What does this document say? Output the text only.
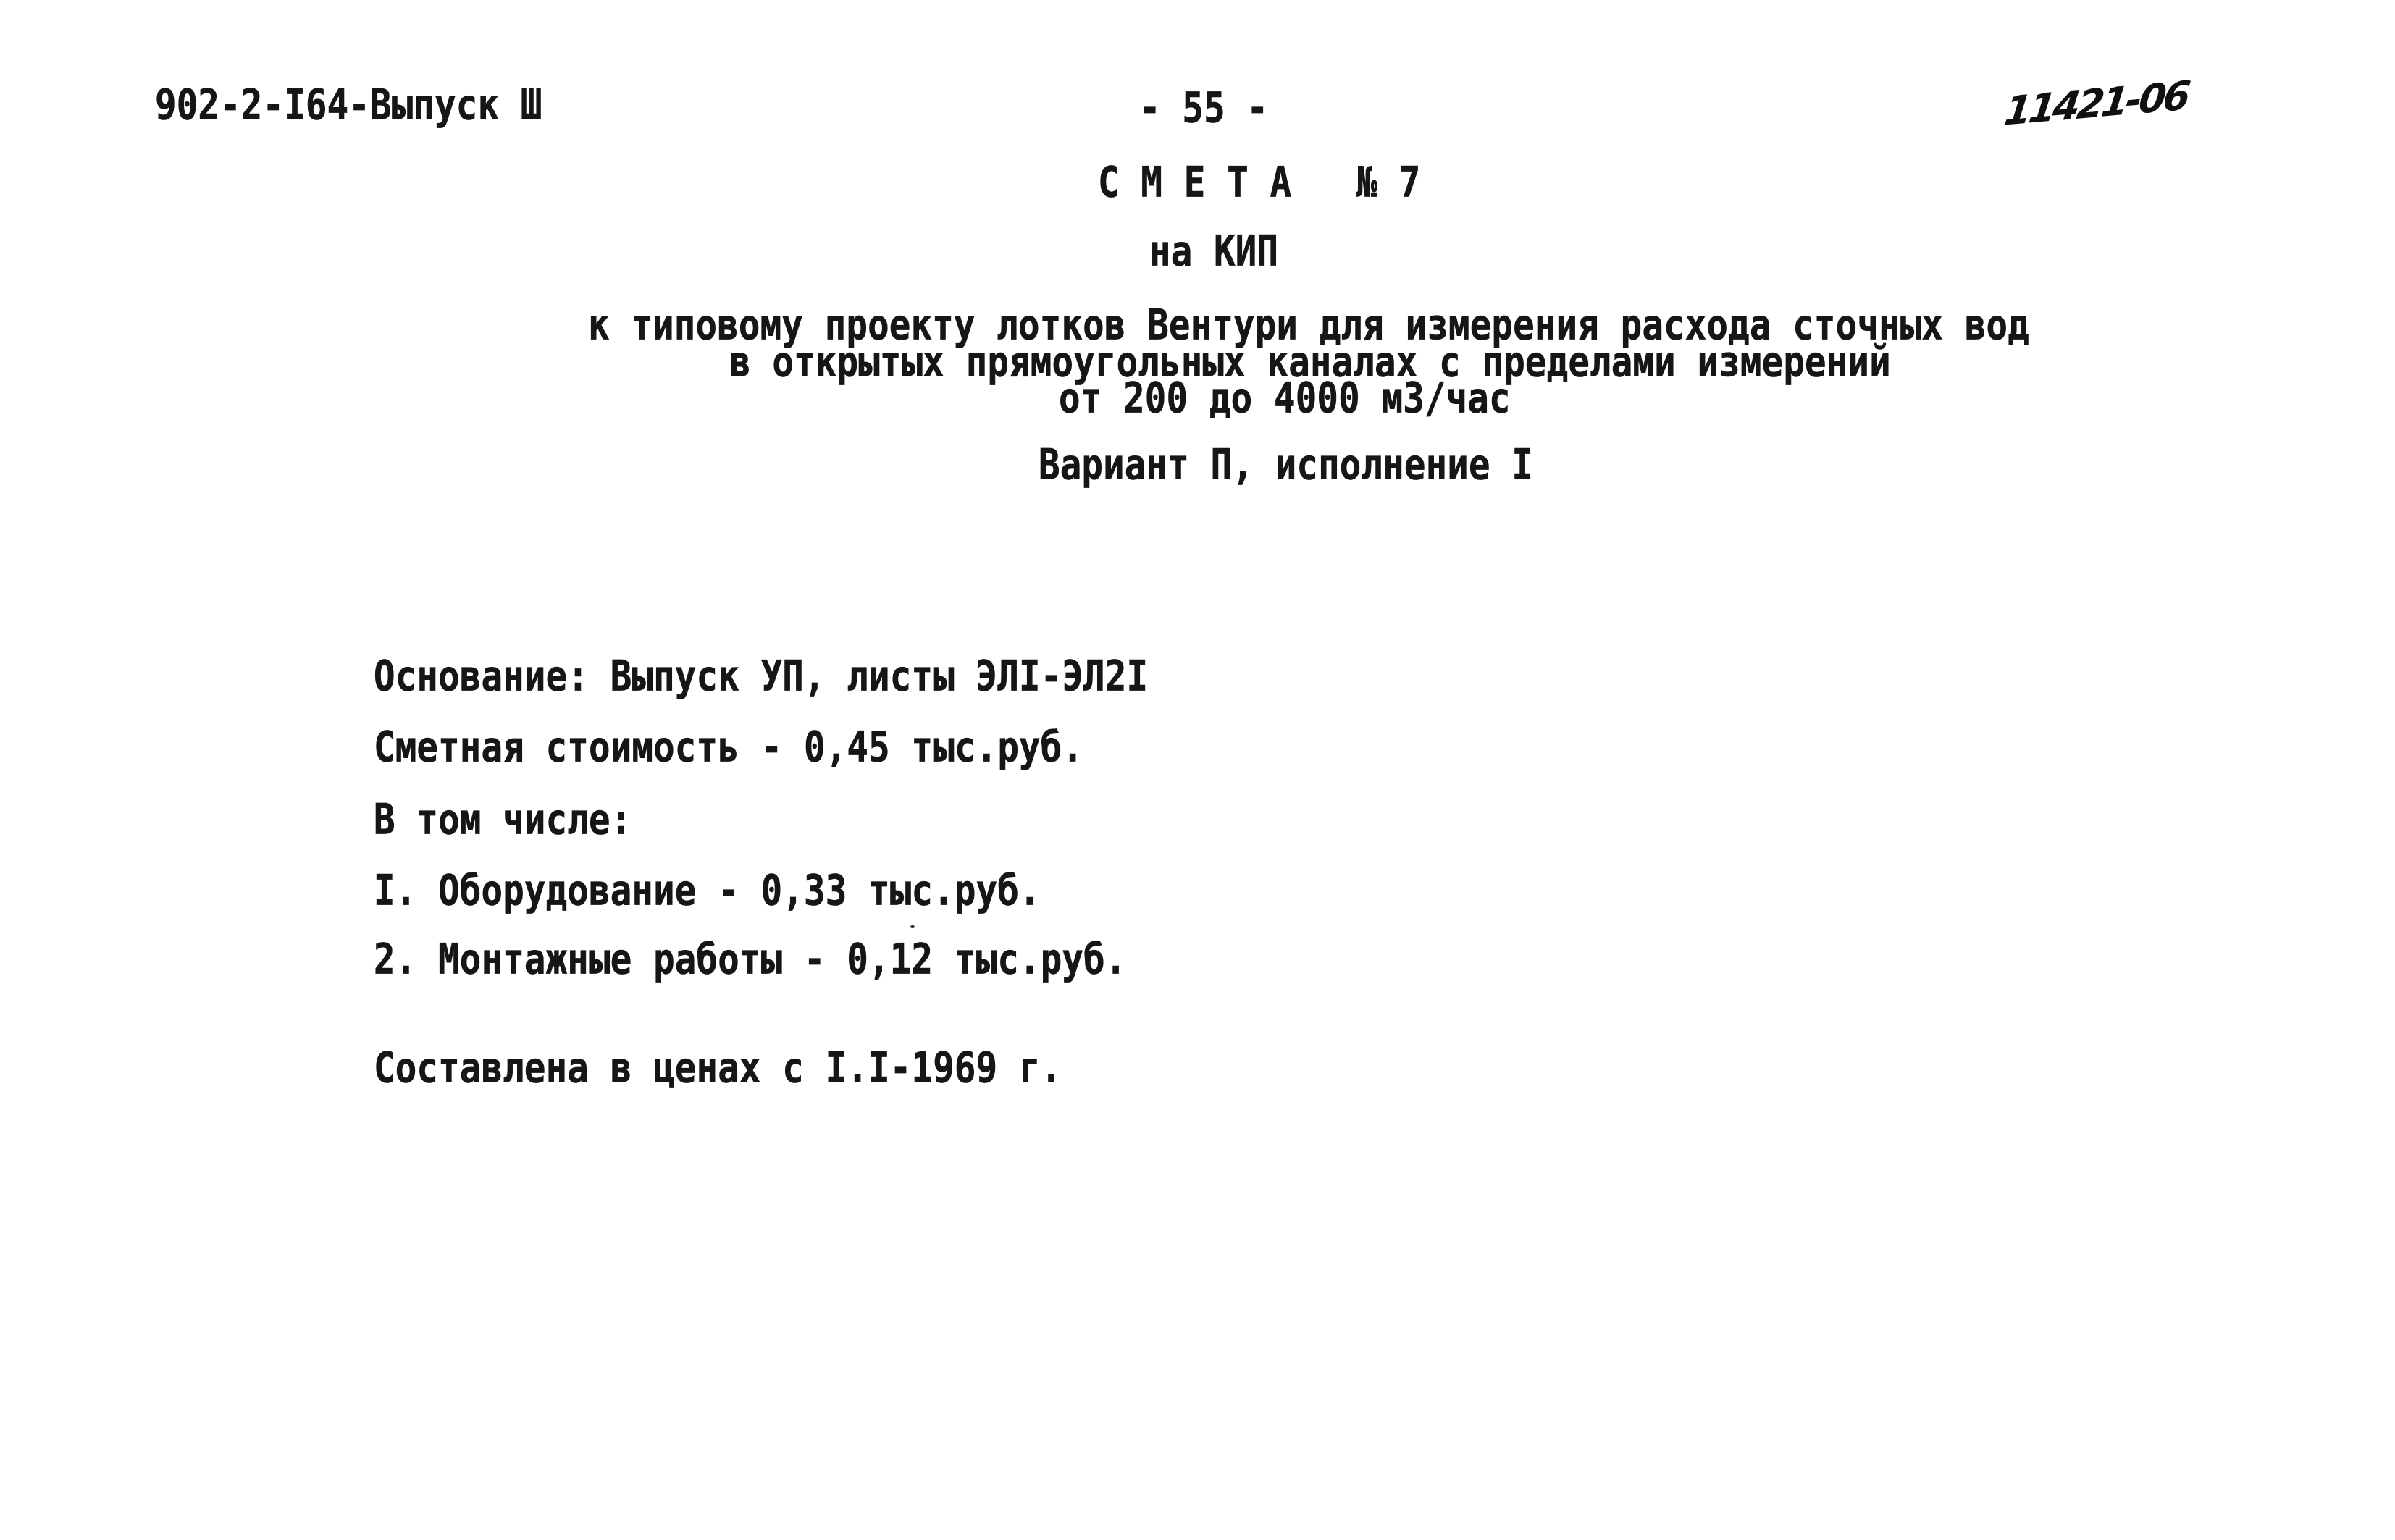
902-2-I64-Выпуск Ш	- 55 -	11421-06
С М Е Т А   № 7
на КИП
к типовому проекту лотков Вентури для измерения расхода сточных вод
в открытых прямоугольных каналах с пределами измерений
от 200 до 4000 м3/час
Вариант П, исполнение I
Основание: Выпуск УП, листы ЭЛI-ЭЛ2I
Сметная стоимость - 0,45 тыс.руб.
В том числе:
I. Оборудование - 0,33 тыс.руб.
2. Монтажные работы - 0,12 тыс.руб.
Составлена в ценах с I.I-1969 г.
